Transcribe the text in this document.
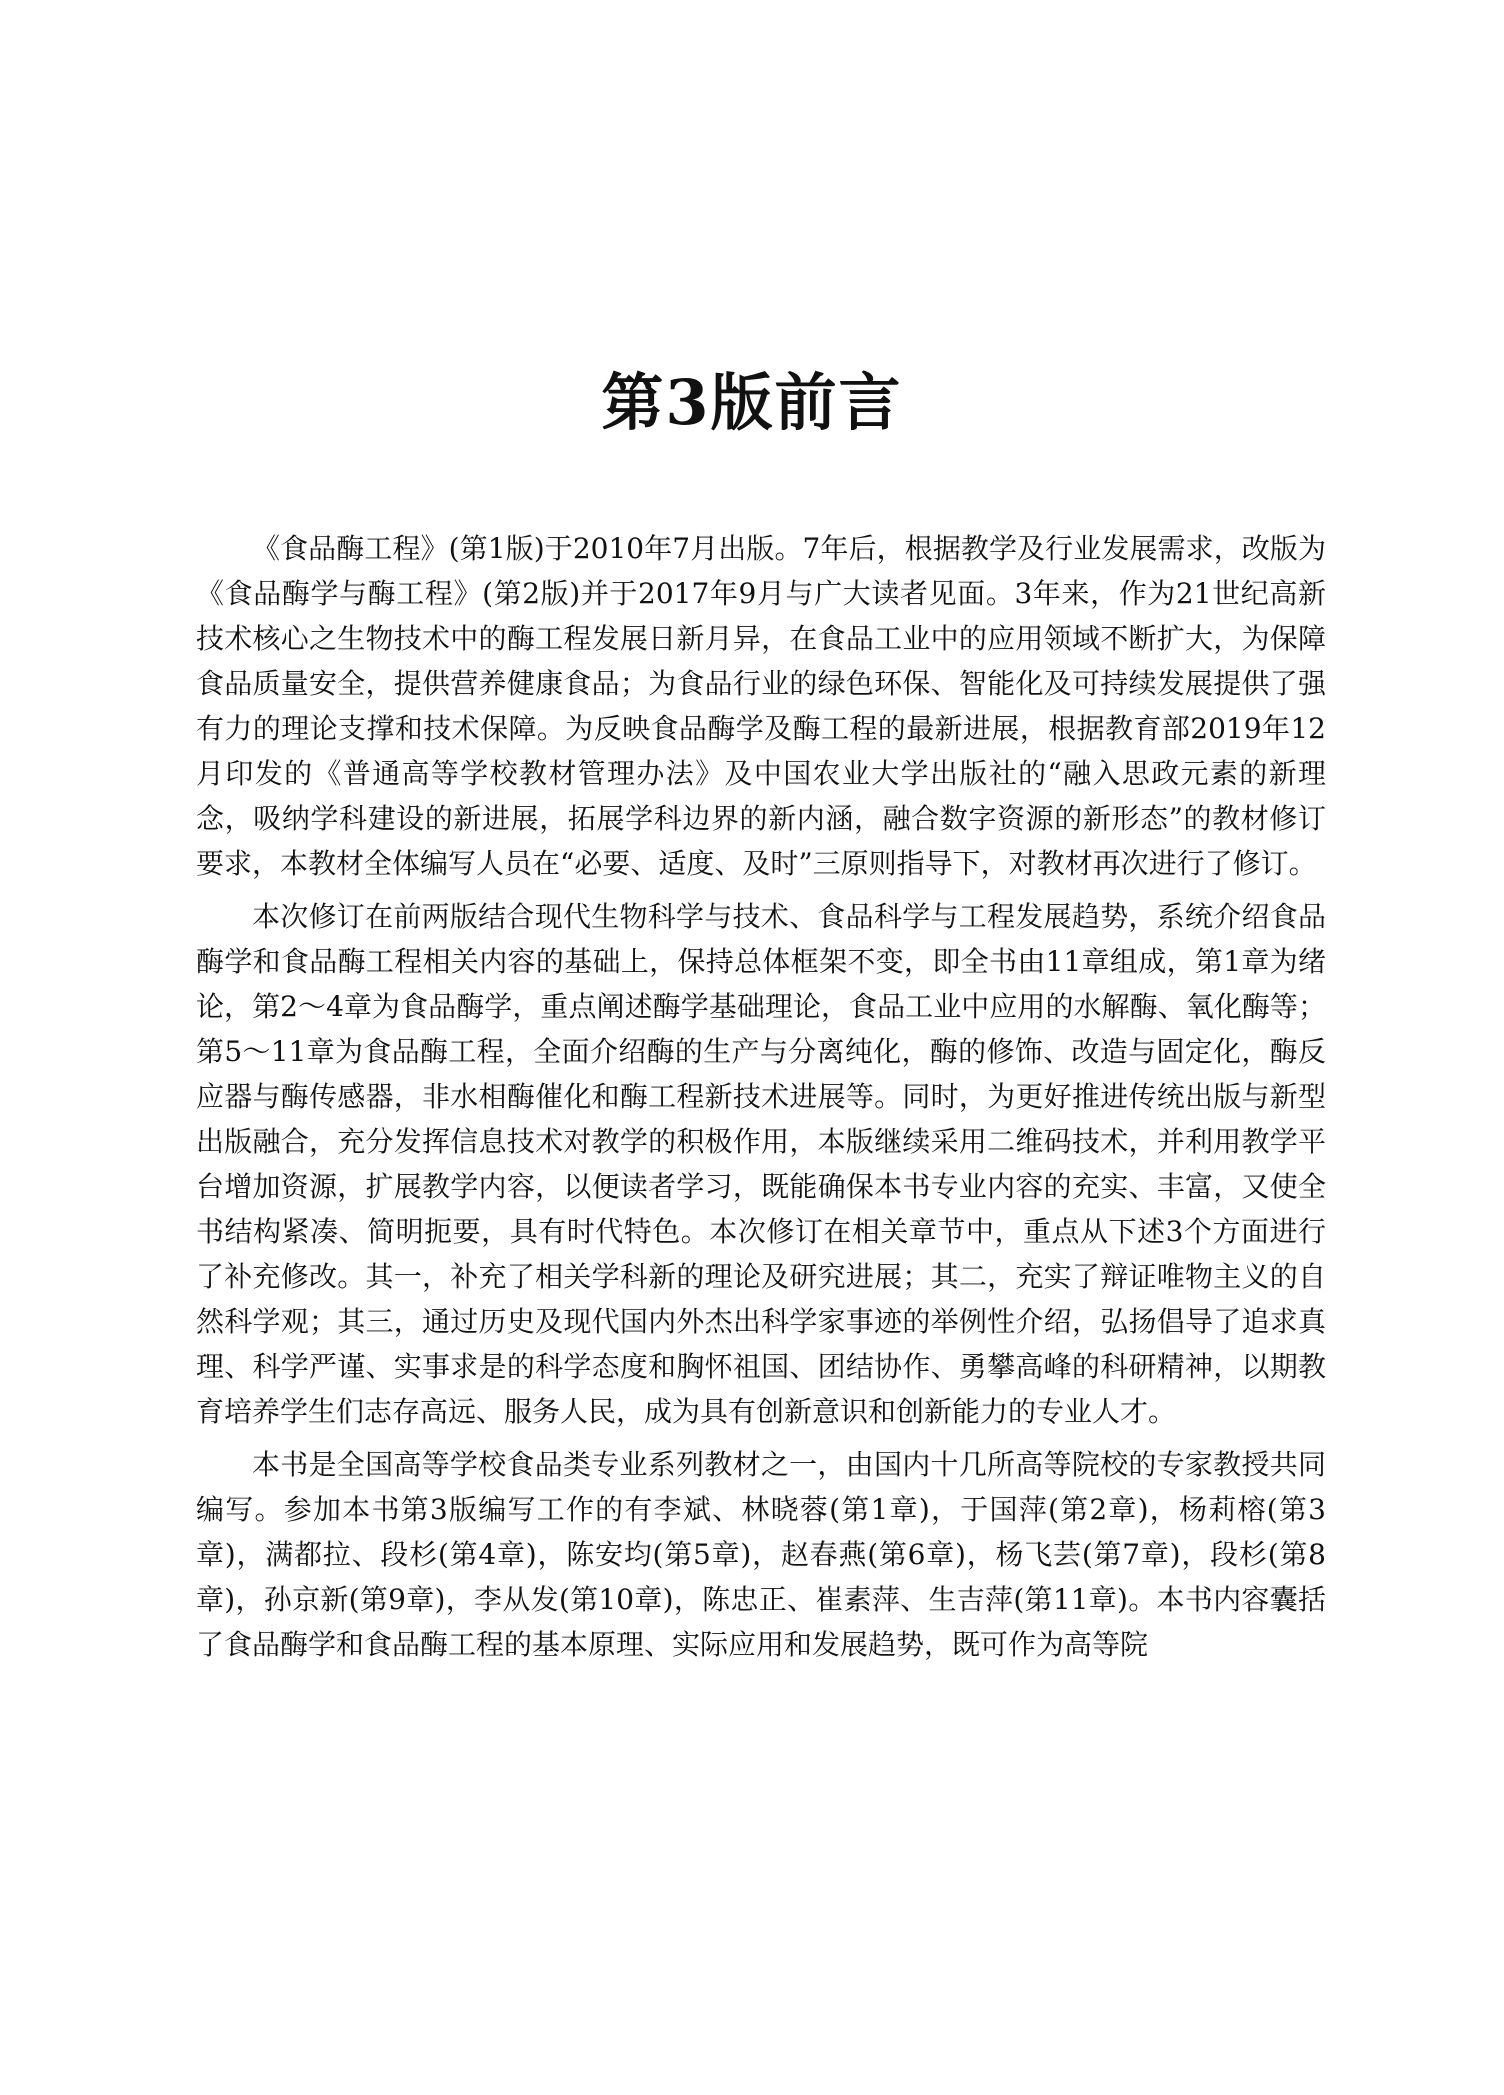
第3版前言

《食品酶工程》(第1版)于2010年7月出版。7年后，根据教学及行业发展需求，改版为《食品酶学与酶工程》(第2版)并于2017年9月与广大读者见面。3年来，作为21世纪高新技术核心之生物技术中的酶工程发展日新月异，在食品工业中的应用领域不断扩大，为保障食品质量安全，提供营养健康食品；为食品行业的绿色环保、智能化及可持续发展提供了强有力的理论支撑和技术保障。为反映食品酶学及酶工程的最新进展，根据教育部2019年12月印发的《普通高等学校教材管理办法》及中国农业大学出版社的“融入思政元素的新理念，吸纳学科建设的新进展，拓展学科边界的新内涵，融合数字资源的新形态”的教材修订要求，本教材全体编写人员在“必要、适度、及时”三原则指导下，对教材再次进行了修订。

本次修订在前两版结合现代生物科学与技术、食品科学与工程发展趋势，系统介绍食品酶学和食品酶工程相关内容的基础上，保持总体框架不变，即全书由11章组成，第1章为绪论，第2～4章为食品酶学，重点阐述酶学基础理论，食品工业中应用的水解酶、氧化酶等；第5～11章为食品酶工程，全面介绍酶的生产与分离纯化，酶的修饰、改造与固定化，酶反应器与酶传感器，非水相酶催化和酶工程新技术进展等。同时，为更好推进传统出版与新型出版融合，充分发挥信息技术对教学的积极作用，本版继续采用二维码技术，并利用教学平台增加资源，扩展教学内容，以便读者学习，既能确保本书专业内容的充实、丰富，又使全书结构紧凑、简明扼要，具有时代特色。本次修订在相关章节中，重点从下述3个方面进行了补充修改。其一，补充了相关学科新的理论及研究进展；其二，充实了辩证唯物主义的自然科学观；其三，通过历史及现代国内外杰出科学家事迹的举例性介绍，弘扬倡导了追求真理、科学严谨、实事求是的科学态度和胸怀祖国、团结协作、勇攀高峰的科研精神，以期教育培养学生们志存高远、服务人民，成为具有创新意识和创新能力的专业人才。

本书是全国高等学校食品类专业系列教材之一，由国内十几所高等院校的专家教授共同编写。参加本书第3版编写工作的有李斌、林晓蓉(第1章)，于国萍(第2章)，杨莉榕(第3章)，满都拉、段杉(第4章)，陈安均(第5章)，赵春燕(第6章)，杨飞芸(第7章)，段杉(第8章)，孙京新(第9章)，李从发(第10章)，陈忠正、崔素萍、生吉萍(第11章)。本书内容囊括了食品酶学和食品酶工程的基本原理、实际应用和发展趋势，既可作为高等院
